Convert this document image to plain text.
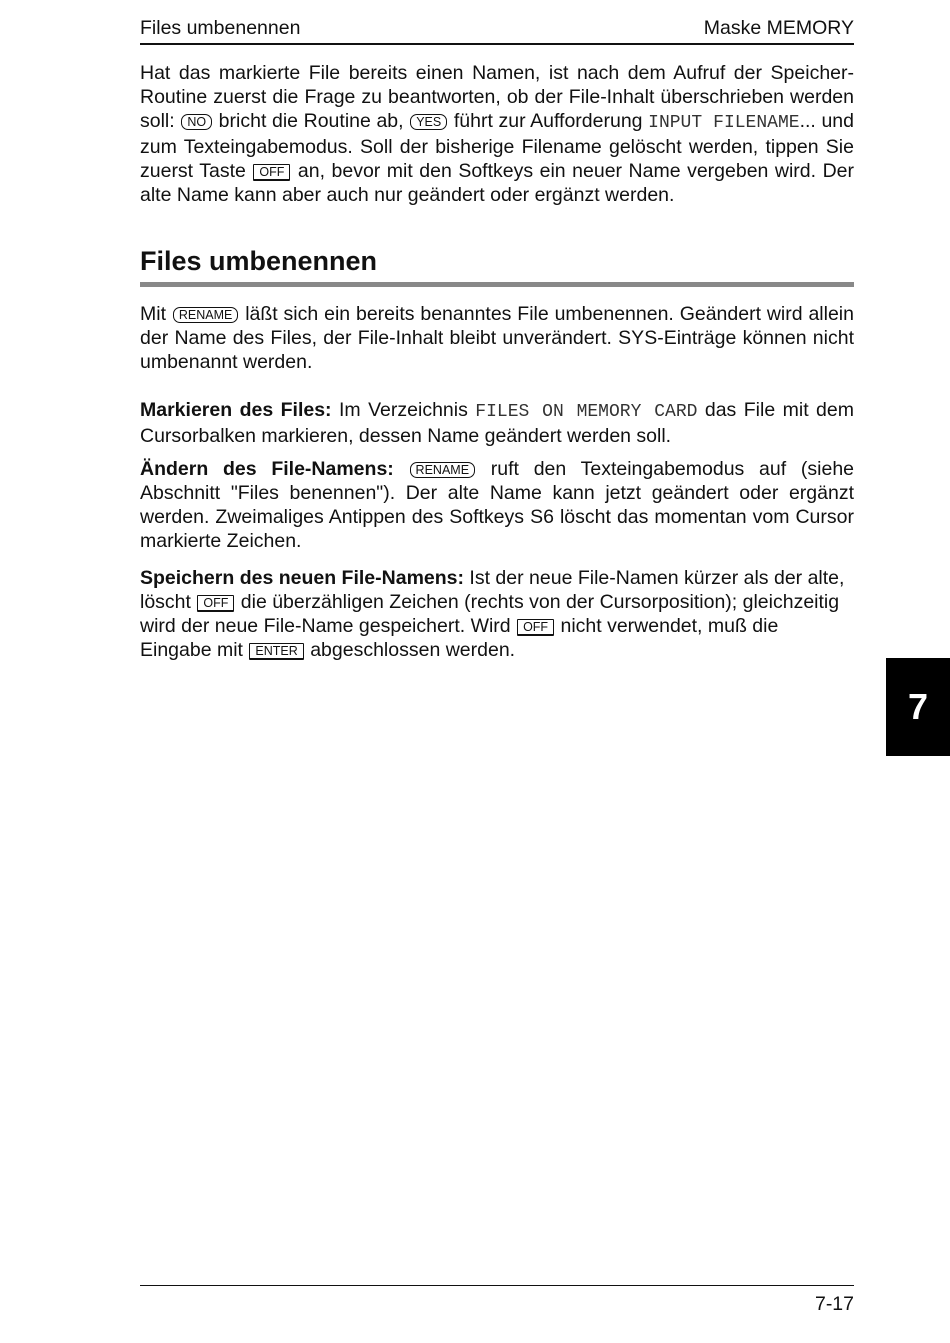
Files umbenennen	Maske MEMORY
Hat das markierte File bereits einen Namen, ist nach dem Aufruf der Speicher-Routine zuerst die Frage zu beantworten, ob der File-Inhalt überschrieben werden soll: NO bricht die Routine ab, YES führt zur Aufforderung INPUT FILENAME... und zum Texteingabemodus. Soll der bisherige Filename gelöscht werden, tippen Sie zuerst Taste OFF an, bevor mit den Softkeys ein neuer Name vergeben wird. Der alte Name kann aber auch nur geändert oder ergänzt werden.
Files umbenennen
Mit RENAME läßt sich ein bereits benanntes File umbenennen. Geändert wird allein der Name des Files, der File-Inhalt bleibt unverändert. SYS-Einträge können nicht umbenannt werden.
Markieren des Files: Im Verzeichnis FILES ON MEMORY CARD das File mit dem Cursorbalken markieren, dessen Name geändert werden soll.
Ändern des File-Namens: RENAME ruft den Texteingabemodus auf (siehe Abschnitt "Files benennen"). Der alte Name kann jetzt geändert oder ergänzt werden. Zweimaliges Antippen des Softkeys S6 löscht das momentan vom Cursor markierte Zeichen.
Speichern des neuen File-Namens: Ist der neue File-Namen kürzer als der alte, löscht OFF die überzähligen Zeichen (rechts von der Cursorposition); gleichzeitig wird der neue File-Name gespeichert. Wird OFF nicht verwendet, muß die Eingabe mit ENTER abgeschlossen werden.
7
7-17
